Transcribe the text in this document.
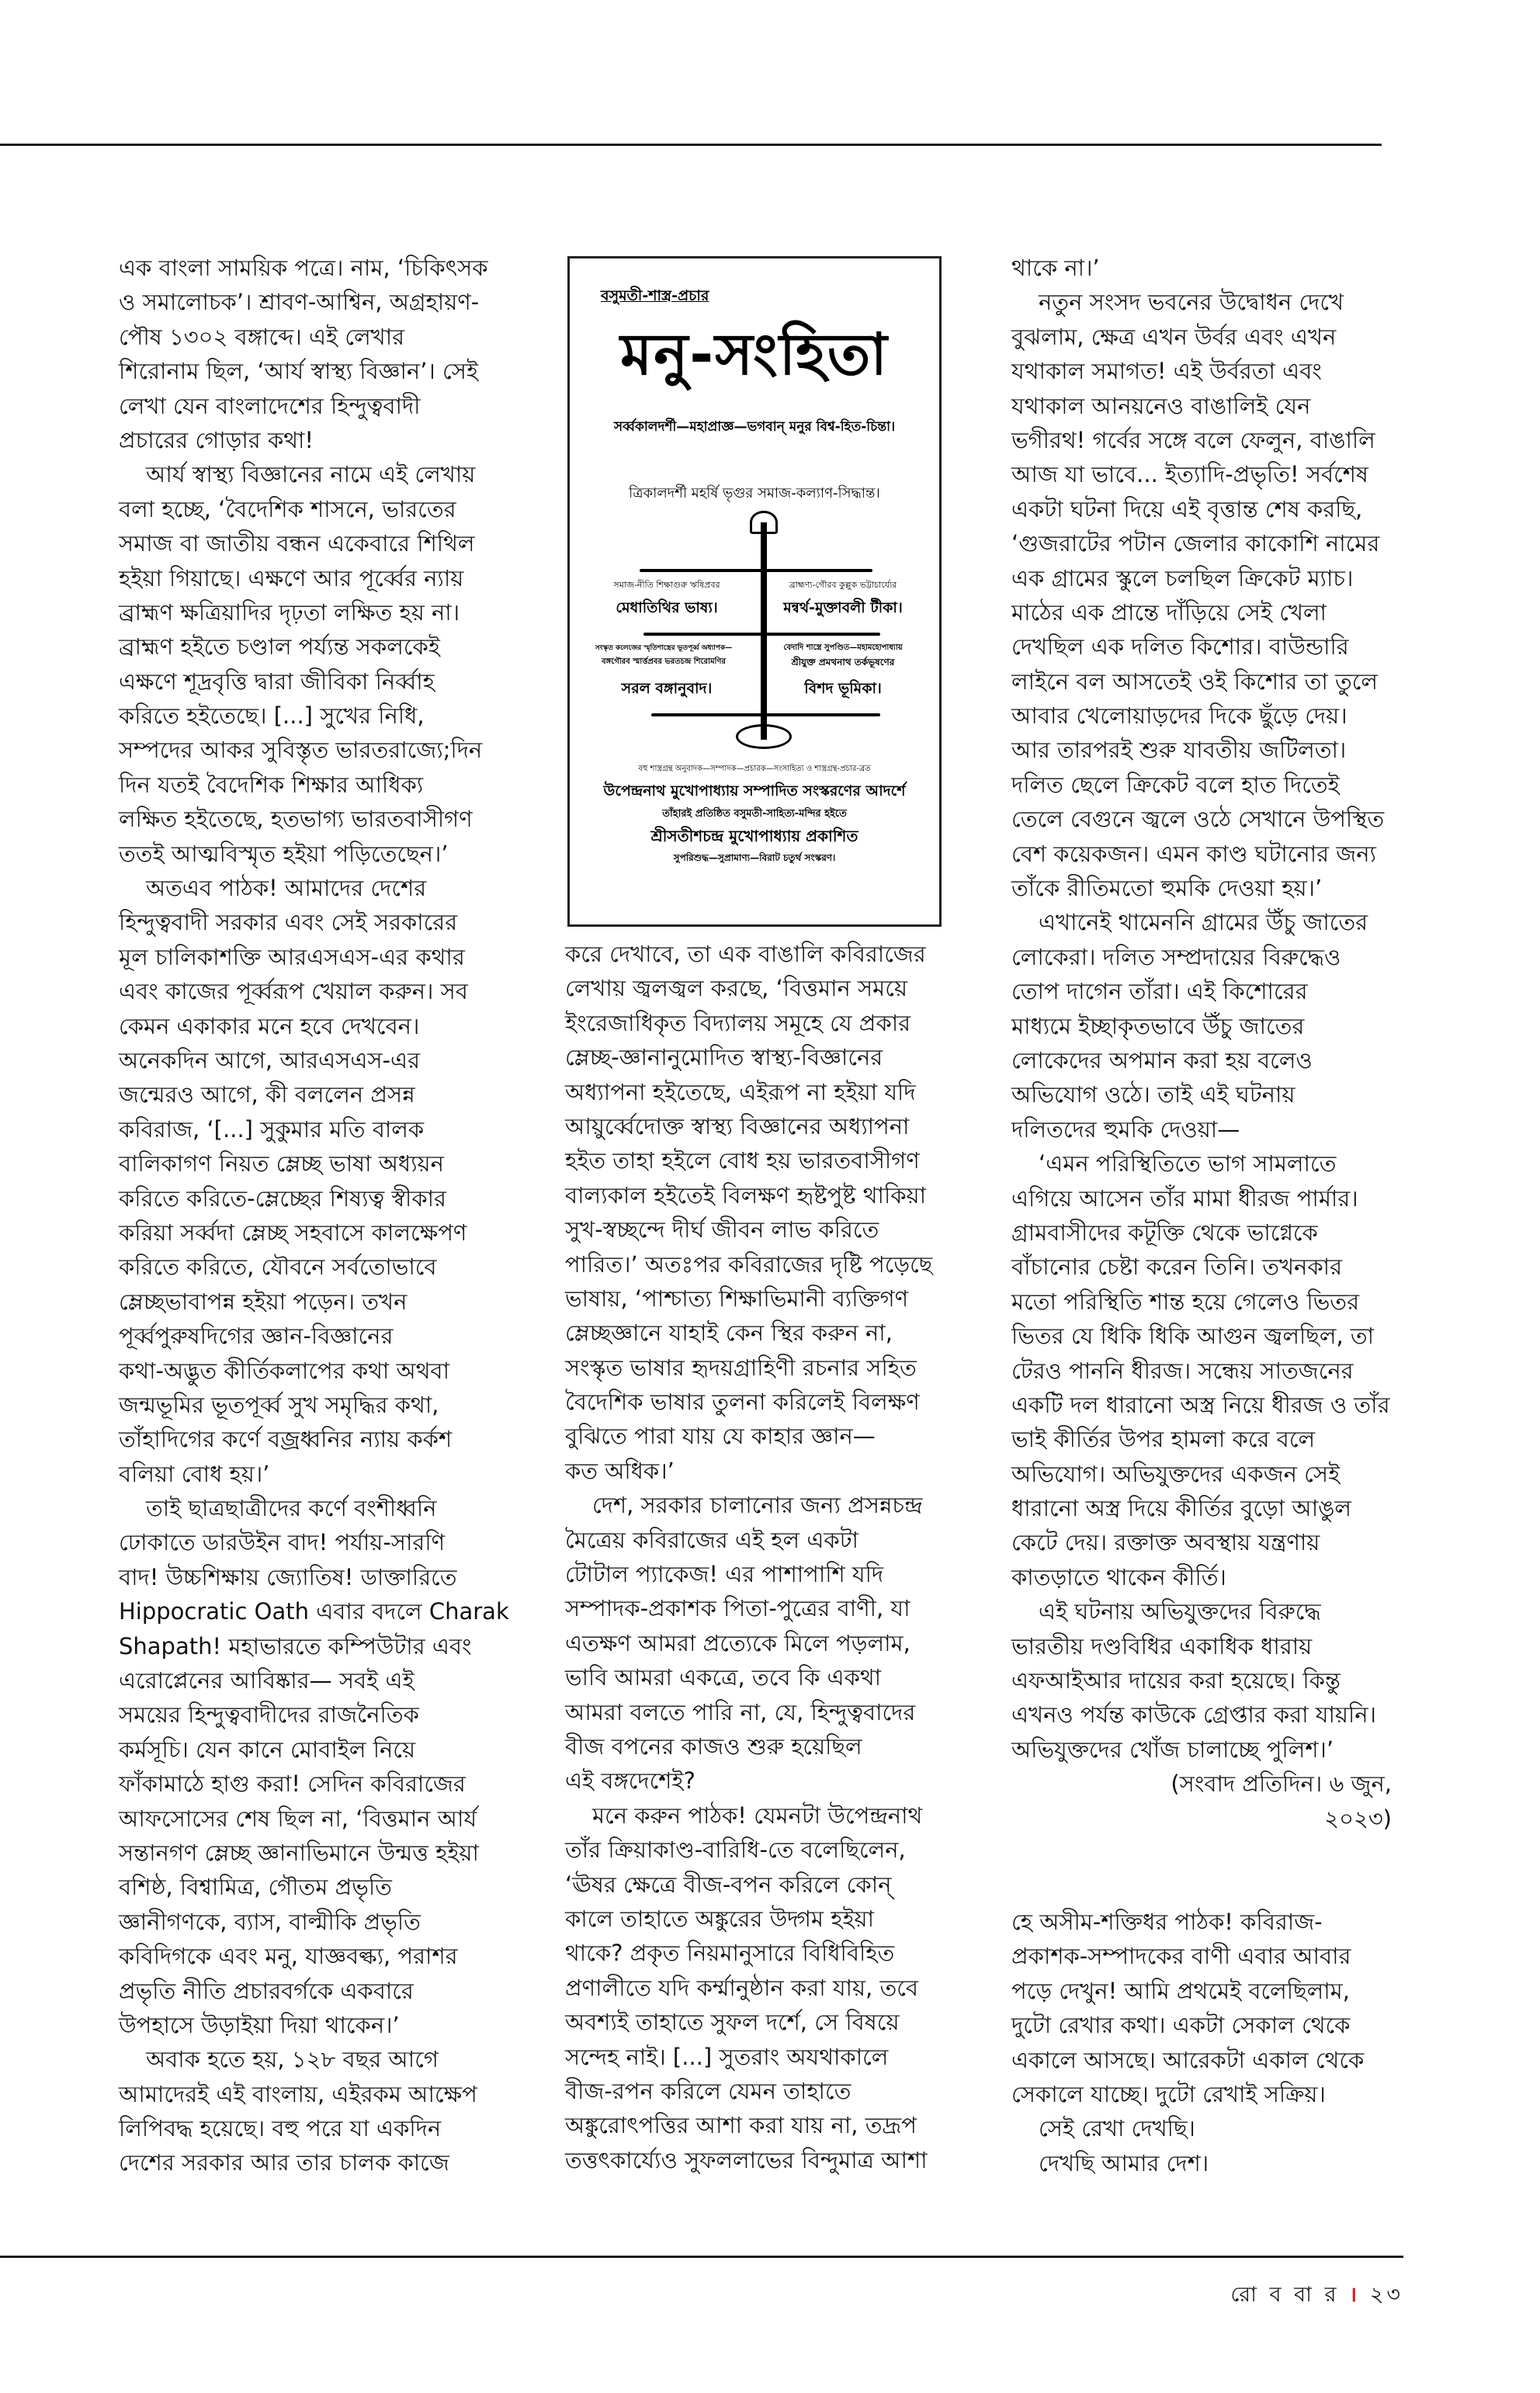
এক বাংলা সাময়িক পত্রে। নাম, ‘চিকিৎসক
ও সমালোচক’। শ্রাবণ-আশ্বিন, অগ্রহায়ণ-
পৌষ ১৩০২ বঙ্গাব্দে। এই লেখার
শিরোনাম ছিল, ‘আর্য স্বাস্থ্য বিজ্ঞান’। সেই
লেখা যেন বাংলাদেশের হিন্দুত্ববাদী
প্রচারের গোড়ার কথা!
আর্য স্বাস্থ্য বিজ্ঞানের নামে এই লেখায়
বলা হচ্ছে, ‘বৈদেশিক শাসনে, ভারতের
সমাজ বা জাতীয় বন্ধন একেবারে শিথিল
হইয়া গিয়াছে। এক্ষণে আর পূর্ব্বের ন্যায়
ব্রাহ্মণ ক্ষত্রিয়াদির দৃঢ়তা লক্ষিত হয় না।
ব্রাহ্মণ হইতে চণ্ডাল পর্য্যন্ত সকলকেই
এক্ষণে শূদ্রবৃত্তি দ্বারা জীবিকা নির্ব্বাহ
করিতে হইতেছে। [...] সুখের নিধি,
সম্পদের আকর সুবিস্তৃত ভারতরাজ্যে;দিন
দিন যতই বৈদেশিক শিক্ষার আধিক্য
লক্ষিত হইতেছে, হতভাগ্য ভারতবাসীগণ
ততই আত্মবিস্মৃত হইয়া পড়িতেছেন।’
অতএব পাঠক! আমাদের দেশের
হিন্দুত্ববাদী সরকার এবং সেই সরকারের
মূল চালিকাশক্তি আরএসএস-এর কথার
এবং কাজের পূর্ব্বরূপ খেয়াল করুন। সব
কেমন একাকার মনে হবে দেখবেন।
অনেকদিন আগে, আরএসএস-এর
জন্মেরও আগে, কী বললেন প্রসন্ন
কবিরাজ, ‘[...] সুকুমার মতি বালক
বালিকাগণ নিয়ত ম্লেচ্ছ ভাষা অধ্যয়ন
করিতে করিতে-ম্লেচ্ছের শিষ্যত্ব স্বীকার
করিয়া সর্ব্বদা ম্লেচ্ছ সহবাসে কালক্ষেপণ
করিতে করিতে, যৌবনে সর্বতোভাবে
ম্লেচ্ছভাবাপন্ন হইয়া পড়েন। তখন
পূর্ব্বপুরুষদিগের জ্ঞান-বিজ্ঞানের
কথা-অদ্ভুত কীর্তিকলাপের কথা অথবা
জন্মভূমির ভূতপূর্ব্ব সুখ সমৃদ্ধির কথা,
তাঁহাদিগের কর্ণে বজ্রধ্বনির ন্যায় কর্কশ
বলিয়া বোধ হয়।’
তাই ছাত্রছাত্রীদের কর্ণে বংশীধ্বনি
ঢোকাতে ডারউইন বাদ! পর্যায়-সারণি
বাদ! উচ্চশিক্ষায় জ্যোতিষ! ডাক্তারিতে
Hippocratic Oath এবার বদলে Charak
Shapath! মহাভারতে কম্পিউটার এবং
এরোপ্লেনের আবিষ্কার— সবই এই
সময়ের হিন্দুত্ববাদীদের রাজনৈতিক
কর্মসূচি। যেন কানে মোবাইল নিয়ে
ফাঁকামাঠে হাগু করা! সেদিন কবিরাজের
আফসোসের শেষ ছিল না, ‘বিত্তমান আর্য
সন্তানগণ ম্লেচ্ছ জ্ঞানাভিমানে উন্মত্ত হইয়া
বশিষ্ঠ, বিশ্বামিত্র, গৌতম প্রভৃতি
জ্ঞানীগণকে, ব্যাস, বাল্মীকি প্রভৃতি
কবিদিগকে এবং মনু, যাজ্ঞবল্ক্য, পরাশর
প্রভৃতি নীতি প্রচারবর্গকে একবারে
উপহাসে উড়াইয়া দিয়া থাকেন।’
অবাক হতে হয়, ১২৮ বছর আগে
আমাদেরই এই বাংলায়, এইরকম আক্ষেপ
লিপিবদ্ধ হয়েছে। বহু পরে যা একদিন
দেশের সরকার আর তার চালক কাজে
করে দেখাবে, তা এক বাঙালি কবিরাজের
লেখায় জ্বলজ্বল করছে, ‘বিত্তমান সময়ে
ইংরেজাধিকৃত বিদ্যালয় সমূহে যে প্রকার
ম্লেচ্ছ-জ্ঞানানুমোদিত স্বাস্থ্য-বিজ্ঞানের
অধ্যাপনা হইতেছে, এইরূপ না হইয়া যদি
আয়ুর্ব্বেদোক্ত স্বাস্থ্য বিজ্ঞানের অধ্যাপনা
হইত তাহা হইলে বোধ হয় ভারতবাসীগণ
বাল্যকাল হইতেই বিলক্ষণ হৃষ্টপুষ্ট থাকিয়া
সুখ-স্বচ্ছন্দে দীর্ঘ জীবন লাভ করিতে
পারিত।’ অতঃপর কবিরাজের দৃষ্টি পড়েছে
ভাষায়, ‘পাশ্চাত্য শিক্ষাভিমানী ব্যক্তিগণ
ম্লেচ্ছজ্ঞানে যাহাই কেন স্থির করুন না,
সংস্কৃত ভাষার হৃদয়গ্রাহিণী রচনার সহিত
বৈদেশিক ভাষার তুলনা করিলেই বিলক্ষণ
বুঝিতে পারা যায় যে কাহার জ্ঞান—
কত অধিক।’
দেশ, সরকার চালানোর জন্য প্রসন্নচন্দ্র
মৈত্রেয় কবিরাজের এই হল একটা
টোটাল প্যাকেজ! এর পাশাপাশি যদি
সম্পাদক-প্রকাশক পিতা-পুত্রের বাণী, যা
এতক্ষণ আমরা প্রত্যেকে মিলে পড়লাম,
ভাবি আমরা একত্রে, তবে কি একথা
আমরা বলতে পারি না, যে, হিন্দুত্ববাদের
বীজ বপনের কাজও শুরু হয়েছিল
এই বঙ্গদেশেই?
মনে করুন পাঠক! যেমনটা উপেন্দ্রনাথ
তাঁর ক্রিয়াকাণ্ড-বারিধি-তে বলেছিলেন,
‘ঊষর ক্ষেত্রে বীজ-বপন করিলে কোন্
কালে তাহাতে অঙ্কুরের উদ্গম হইয়া
থাকে? প্রকৃত নিয়মানুসারে বিধিবিহিত
প্রণালীতে যদি কর্ম্মানুষ্ঠান করা যায়, তবে
অবশ্যই তাহাতে সুফল দর্শে, সে বিষয়ে
সন্দেহ নাই। [...] সুতরাং অযথাকালে
বীজ-রপন করিলে যেমন তাহাতে
অঙ্কুরোৎপত্তির আশা করা যায় না, তদ্রূপ
তত্তৎকার্য্যেও সুফললাভের বিন্দুমাত্র আশা
থাকে না।’
নতুন সংসদ ভবনের উদ্বোধন দেখে
বুঝলাম, ক্ষেত্র এখন উর্বর এবং এখন
যথাকাল সমাগত! এই উর্বরতা এবং
যথাকাল আনয়নেও বাঙালিই যেন
ভগীরথ! গর্বের সঙ্গে বলে ফেলুন, বাঙালি
আজ যা ভাবে... ইত্যাদি-প্রভৃতি! সর্বশেষ
একটা ঘটনা দিয়ে এই বৃত্তান্ত শেষ করছি,
‘গুজরাটের পটান জেলার কাকোশি নামের
এক গ্রামের স্কুলে চলছিল ক্রিকেট ম্যাচ।
মাঠের এক প্রান্তে দাঁড়িয়ে সেই খেলা
দেখছিল এক দলিত কিশোর। বাউন্ডারি
লাইনে বল আসতেই ওই কিশোর তা তুলে
আবার খেলোয়াড়দের দিকে ছুঁড়ে দেয়।
আর তারপরই শুরু যাবতীয় জটিলতা।
দলিত ছেলে ক্রিকেট বলে হাত দিতেই
তেলে বেগুনে জ্বলে ওঠে সেখানে উপস্থিত
বেশ কয়েকজন। এমন কাণ্ড ঘটানোর জন্য
তাঁকে রীতিমতো হুমকি দেওয়া হয়।’
এখানেই থামেননি গ্রামের উঁচু জাতের
লোকেরা। দলিত সম্প্রদায়ের বিরুদ্ধেও
তোপ দাগেন তাঁরা। এই কিশোরের
মাধ্যমে ইচ্ছাকৃতভাবে উঁচু জাতের
লোকেদের অপমান করা হয় বলেও
অভিযোগ ওঠে। তাই এই ঘটনায়
দলিতদের হুমকি দেওয়া—
‘এমন পরিস্থিতিতে ভাগ সামলাতে
এগিয়ে আসেন তাঁর মামা ধীরজ পার্মার।
গ্রামবাসীদের কটূক্তি থেকে ভাগ্নেকে
বাঁচানোর চেষ্টা করেন তিনি। তখনকার
মতো পরিস্থিতি শান্ত হয়ে গেলেও ভিতর
ভিতর যে ধিকি ধিকি আগুন জ্বলছিল, তা
টেরও পাননি ধীরজ। সন্ধেয় সাতজনের
একটি দল ধারানো অস্ত্র নিয়ে ধীরজ ও তাঁর
ভাই কীর্তির উপর হামলা করে বলে
অভিযোগ। অভিযুক্তদের একজন সেই
ধারানো অস্ত্র দিয়ে কীর্তির বুড়ো আঙুল
কেটে দেয়। রক্তাক্ত অবস্থায় যন্ত্রণায়
কাতড়াতে থাকেন কীর্তি।
এই ঘটনায় অভিযুক্তদের বিরুদ্ধে
ভারতীয় দণ্ডবিধির একাধিক ধারায়
এফআইআর দায়ের করা হয়েছে। কিন্তু
এখনও পর্যন্ত কাউকে গ্রেপ্তার করা যায়নি।
অভিযুক্তদের খোঁজ চালাচ্ছে পুলিশ।’
(সংবাদ প্রতিদিন। ৬ জুন,
২০২৩)
হে অসীম-শক্তিধর পাঠক! কবিরাজ-
প্রকাশক-সম্পাদকের বাণী এবার আবার
পড়ে দেখুন! আমি প্রথমেই বলেছিলাম,
দুটো রেখার কথা। একটা সেকাল থেকে
একালে আসছে। আরেকটা একাল থেকে
সেকালে যাচ্ছে। দুটো রেখাই সক্রিয়।
সেই রেখা দেখছি।
দেখছি আমার দেশ।
বসুমতী-শাস্ত্র-প্রচার
মনু-সংহিতা
সর্ব্বকালদর্শী—মহাপ্রাজ্ঞ—ভগবান্ মনুর বিশ্ব-হিত-চিন্তা।
ত্রিকালদর্শী মহর্ষি ভৃগুর সমাজ-কল্যাণ-সিদ্ধান্ত।
সমাজ-নীতি শিক্ষাগুরু ঋষিপ্রবর
মেধাতিথির ভাষ্য।
ব্রাহ্মণ্য-গৌরব কুল্লুক ভট্টাচার্য্যের
মন্বর্থ-মুক্তাবলী টীকা।
সংস্কৃত কলেজের স্মৃতিশাস্ত্রের ভূতপূর্ব্ব অধ্যাপক—
বঙ্গগৌরব স্মার্ত্তপ্রবর ভরতচন্দ্র শিরোমণির
সরল বঙ্গানুবাদ।
বেদাদি শাস্ত্রে সুপণ্ডিত—মহামহোপাধ্যায়
শ্রীযুক্ত প্রমথনাথ তর্কভূষণের
বিশদ ভূমিকা।
বহু শাস্ত্রগ্রন্থ অনুবাদক—সম্পাদক—প্রচারক—সংসাহিত্য ও শাস্ত্রগ্রন্থ-প্রচার-ব্রত
উপেন্দ্রনাথ মুখোপাধ্যায় সম্পাদিত সংস্করণের আদর্শে
তাঁহারই প্রতিষ্ঠিত বসুমতী-সাহিত্য-মন্দির হইতে
শ্রীসতীশচন্দ্র মুখোপাধ্যায় প্রকাশিত
সুপরিশুদ্ধ—সুপ্রামাণ্য—বিরাট চতুর্থ সংস্করণ।
রো ব বা র । ২৩
